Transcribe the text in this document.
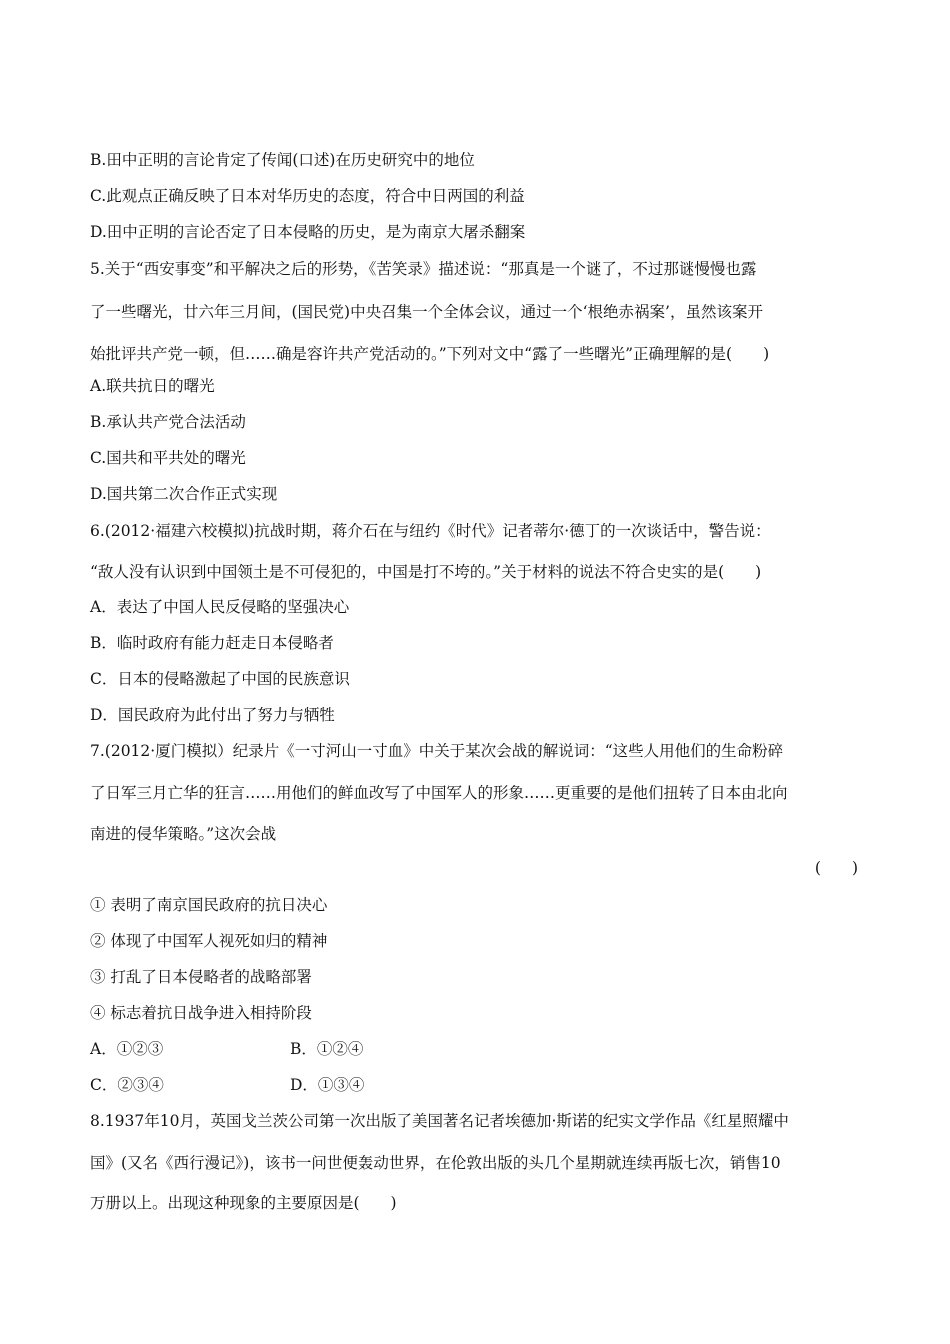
B.田中正明的言论肯定了传闻(口述)在历史研究中的地位
C.此观点正确反映了日本对华历史的态度，符合中日两国的利益
D.田中正明的言论否定了日本侵略的历史，是为南京大屠杀翻案
5.关于“西安事变”和平解决之后的形势，《苦笑录》描述说：“那真是一个谜了，不过那谜慢慢也露
了一些曙光，廿六年三月间，(国民党)中央召集一个全体会议，通过一个‘根绝赤祸案’，虽然该案开
始批评共产党一顿，但……确是容许共产党活动的。”下列对文中“露了一些曙光”正确理解的是(　　)
A.联共抗日的曙光
B.承认共产党合法活动
C.国共和平共处的曙光
D.国共第二次合作正式实现
6.(2012·福建六校模拟)抗战时期，蒋介石在与纽约《时代》记者蒂尔·德丁的一次谈话中，警告说：
“敌人没有认识到中国领土是不可侵犯的，中国是打不垮的。”关于材料的说法不符合史实的是(　　)
A．表达了中国人民反侵略的坚强决心
B．临时政府有能力赶走日本侵略者
C．日本的侵略激起了中国的民族意识
D．国民政府为此付出了努力与牺牲
7.(2012·厦门模拟）纪录片《一寸河山一寸血》中关于某次会战的解说词：“这些人用他们的生命粉碎
了日军三月亡华的狂言……用他们的鲜血改写了中国军人的形象……更重要的是他们扭转了日本由北向
南进的侵华策略。”这次会战
(　　)
① 表明了南京国民政府的抗日决心
② 体现了中国军人视死如归的精神
③ 打乱了日本侵略者的战略部署
④ 标志着抗日战争进入相持阶段
A．①②③	B．①②④
C．②③④	D．①③④
8.1937年10月，英国戈兰茨公司第一次出版了美国著名记者埃德加·斯诺的纪实文学作品《红星照耀中
国》(又名《西行漫记》)，该书一问世便轰动世界，在伦敦出版的头几个星期就连续再版七次，销售10
万册以上。出现这种现象的主要原因是(　　)
